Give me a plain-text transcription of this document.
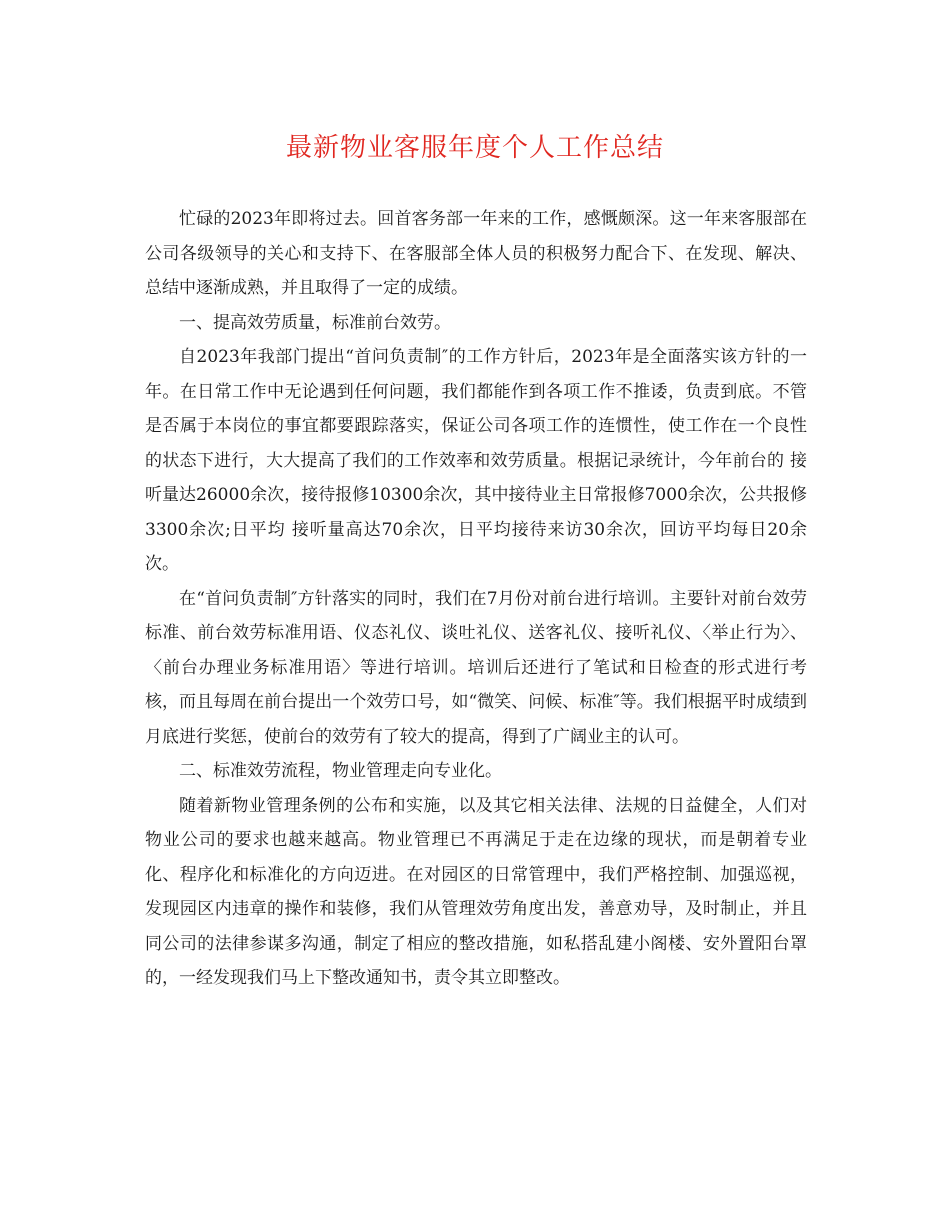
最新物业客服年度个人工作总结

忙碌的2023年即将过去。回首客务部一年来的工作，感慨颇深。这一年来客服部在公司各级领导的关心和支持下、在客服部全体人员的积极努力配合下、在发现、解决、总结中逐渐成熟，并且取得了一定的成绩。

一、提高效劳质量，标准前台效劳。

自2023年我部门提出“首问负责制″的工作方针后，2023年是全面落实该方针的一年。在日常工作中无论遇到任何问题，我们都能作到各项工作不推诿，负责到底。不管是否属于本岗位的事宜都要跟踪落实，保证公司各项工作的连惯性，使工作在一个良性的状态下进行，大大提高了我们的工作效率和效劳质量。根据记录统计，今年前台的 接听量达26000余次，接待报修10300余次，其中接待业主日常报修7000余次，公共报修3300余次;日平均 接听量高达70余次，日平均接待来访30余次，回访平均每日20余次。

在“首问负责制″方针落实的同时，我们在7月份对前台进行培训。主要针对前台效劳标准、前台效劳标准用语、仪态礼仪、谈吐礼仪、送客礼仪、接听礼仪、〈举止行为〉、〈前台办理业务标准用语〉等进行培训。培训后还进行了笔试和日检查的形式进行考核，而且每周在前台提出一个效劳口号，如“微笑、问候、标准″等。我们根据平时成绩到月底进行奖惩，使前台的效劳有了较大的提高，得到了广阔业主的认可。

二、标准效劳流程，物业管理走向专业化。

随着新物业管理条例的公布和实施，以及其它相关法律、法规的日益健全，人们对物业公司的要求也越来越高。物业管理已不再满足于走在边缘的现状，而是朝着专业化、程序化和标准化的方向迈进。在对园区的日常管理中，我们严格控制、加强巡视，发现园区内违章的操作和装修，我们从管理效劳角度出发，善意劝导，及时制止，并且同公司的法律参谋多沟通，制定了相应的整改措施，如私搭乱建小阁楼、安外置阳台罩的，一经发现我们马上下整改通知书，责令其立即整改。
